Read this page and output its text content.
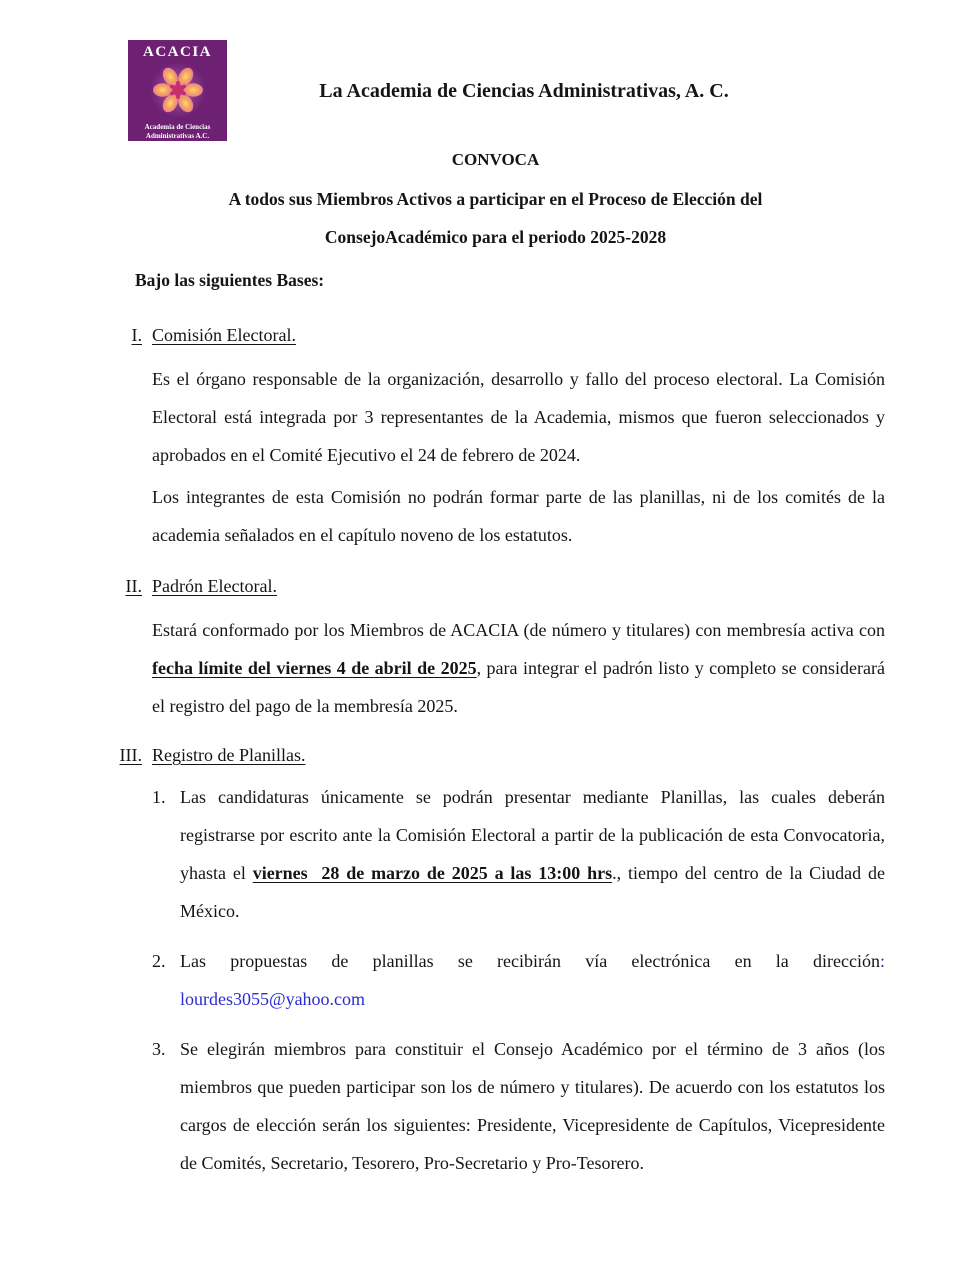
ACACIA
Academia de Ciencias
Administrativas A.C.
La Academia de Ciencias Administrativas, A. C.
CONVOCA
A todos sus Miembros Activos a participar en el Proceso de Elección del
ConsejoAcadémico para el periodo 2025-2028
Bajo las siguientes Bases:
I. Comisión Electoral.

Es el órgano responsable de la organización, desarrollo y fallo del proceso electoral. La Comisión Electoral está integrada por 3 representantes de la Academia, mismos que fueron seleccionados y aprobados en el Comité Ejecutivo el 24 de febrero de 2024.

Los integrantes de esta Comisión no podrán formar parte de las planillas, ni de los comités de la academia señalados en el capítulo noveno de los estatutos.

II. Padrón Electoral.

Estará conformado por los Miembros de ACACIA (de número y titulares) con membresía activa con fecha límite del viernes 4 de abril de 2025, para integrar el padrón listo y completo se considerará el registro del pago de la membresía 2025.

III. Registro de Planillas.
1. Las candidaturas únicamente se podrán presentar mediante Planillas, las cuales deberán registrarse por escrito ante la Comisión Electoral a partir de la publicación de esta Convocatoria, yhasta el viernes  28 de marzo de 2025 a las 13:00 hrs., tiempo del centro de la Ciudad de México.
2. Las propuestas de planillas se recibirán vía electrónica en la dirección:
lourdes3055@yahoo.com
3. Se elegirán miembros para constituir el Consejo Académico por el término de 3 años (los miembros que pueden participar son los de número y titulares). De acuerdo con los estatutos los cargos de elección serán los siguientes: Presidente, Vicepresidente de Capítulos, Vicepresidente de Comités, Secretario, Tesorero, Pro-Secretario y Pro-Tesorero.
